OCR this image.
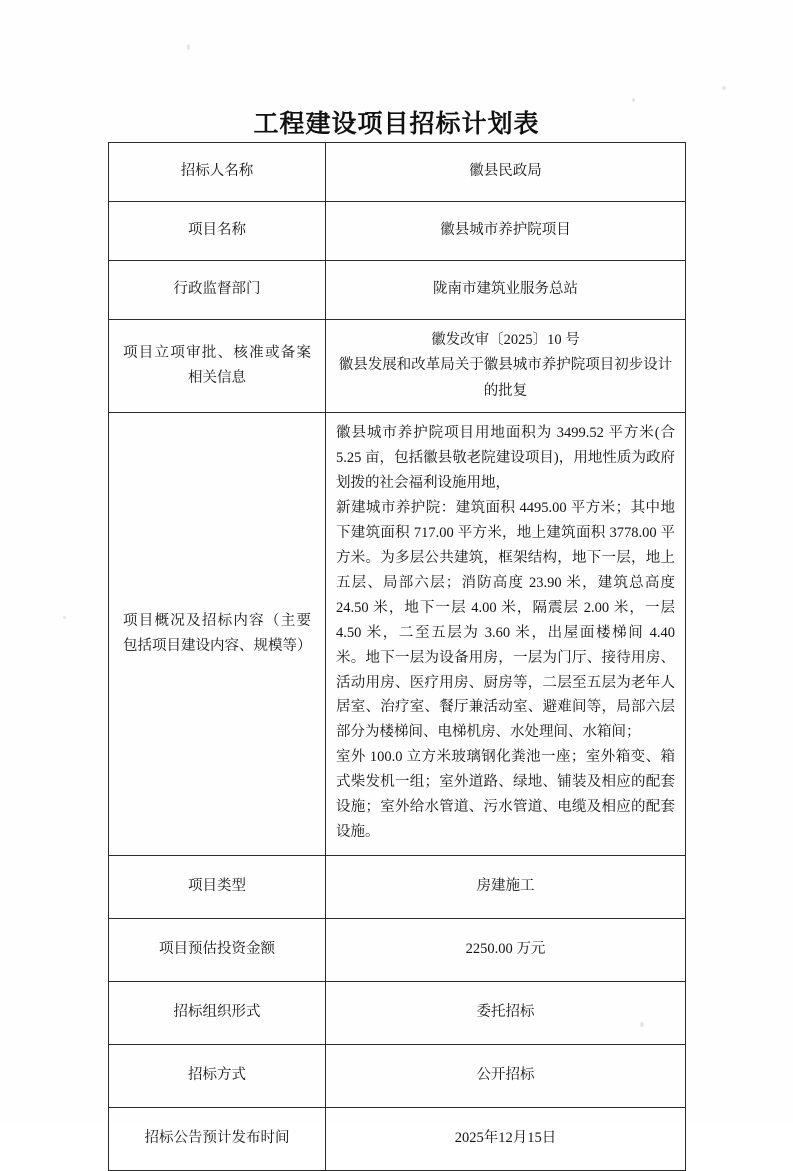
工程建设项目招标计划表
招标人名称	徽县民政局
项目名称	徽县城市养护院项目
行政监督部门	陇南市建筑业服务总站
项目立项审批、核准或备案相关信息	徽发改审〔2025〕10 号
徽县发展和改革局关于徽县城市养护院项目初步设计的批复

项目概况及招标内容（主要包括项目建设内容、规模等）	徽县城市养护院项目用地面积为 3499.52 平方米(合 5.25 亩，包括徽县敬老院建设项目)，用地性质为政府划拨的社会福利设施用地，

新建城市养护院：建筑面积 4495.00 平方米；其中地下建筑面积 717.00 平方米，地上建筑面积 3778.00 平方米。为多层公共建筑，框架结构，地下一层，地上五层、局部六层；消防高度 23.90 米，建筑总高度 24.50 米，地下一层 4.00 米，隔震层 2.00 米，一层 4.50 米，二至五层为 3.60 米，出屋面楼梯间 4.40 米。地下一层为设备用房，一层为门厅、接待用房、活动用房、医疗用房、厨房等，二层至五层为老年人居室、治疗室、餐厅兼活动室、避难间等，局部六层部分为楼梯间、电梯机房、水处理间、水箱间；

室外 100.0 立方米玻璃钢化粪池一座；室外箱变、箱式柴发机一组；室外道路、绿地、铺装及相应的配套设施；室外给水管道、污水管道、电缆及相应的配套设施。

项目类型	房建施工
项目预估投资金额	2250.00 万元
招标组织形式	委托招标
招标方式	公开招标
招标公告预计发布时间	2025年12月15日
